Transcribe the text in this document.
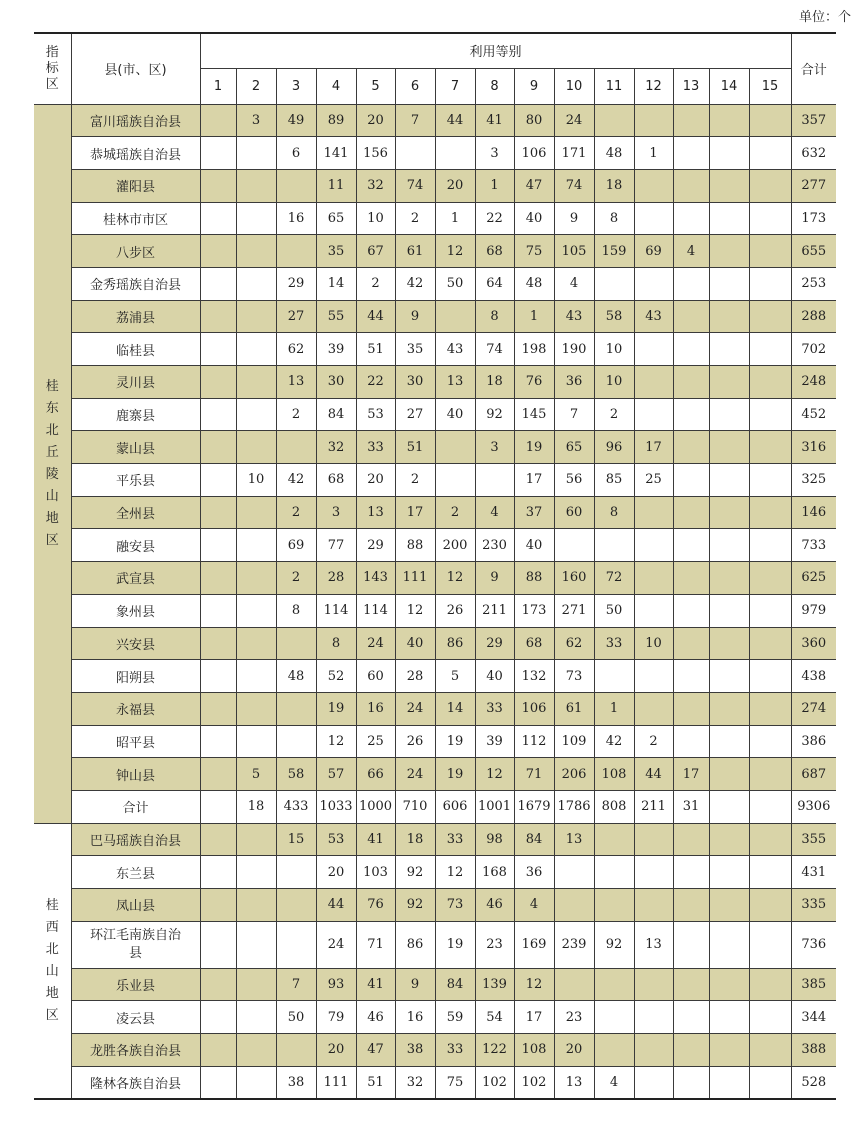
单位：个
指标区	县(市、区)	利用等别															合计
		1	2	3	4	5	6	7	8	9	10	11	12	13	14	15	
桂东北丘陵山地区	富川瑶族自治县		3	49	89	20	7	44	41	80	24						357
	恭城瑶族自治县			6	141	156			3	106	171	48	1				632
	灌阳县				11	32	74	20	1	47	74	18					277
	桂林市市区			16	65	10	2	1	22	40	9	8					173
	八步区				35	67	61	12	68	75	105	159	69	4			655
	金秀瑶族自治县			29	14	2	42	50	64	48	4						253
	荔浦县			27	55	44	9		8	1	43	58	43				288
	临桂县			62	39	51	35	43	74	198	190	10					702
	灵川县			13	30	22	30	13	18	76	36	10					248
	鹿寨县			2	84	53	27	40	92	145	7	2					452
	蒙山县				32	33	51		3	19	65	96	17				316
	平乐县		10	42	68	20	2			17	56	85	25				325
	全州县			2	3	13	17	2	4	37	60	8					146
	融安县			69	77	29	88	200	230	40							733
	武宣县			2	28	143	111	12	9	88	160	72					625
	象州县			8	114	114	12	26	211	173	271	50					979
	兴安县				8	24	40	86	29	68	62	33	10				360
	阳朔县			48	52	60	28	5	40	132	73						438
	永福县				19	16	24	14	33	106	61	1					274
	昭平县				12	25	26	19	39	112	109	42	2				386
	钟山县		5	58	57	66	24	19	12	71	206	108	44	17			687
	合计		18	433	1033	1000	710	606	1001	1679	1786	808	211	31			9306
桂西北山地区	巴马瑶族自治县			15	53	41	18	33	98	84	13						355
	东兰县				20	103	92	12	168	36							431
	凤山县				44	76	92	73	46	4							335
	环江毛南族自治县				24	71	86	19	23	169	239	92	13				736
	乐业县			7	93	41	9	84	139	12							385
	凌云县			50	79	46	16	59	54	17	23						344
	龙胜各族自治县				20	47	38	33	122	108	20						388
	隆林各族自治县			38	111	51	32	75	102	102	13	4					528
